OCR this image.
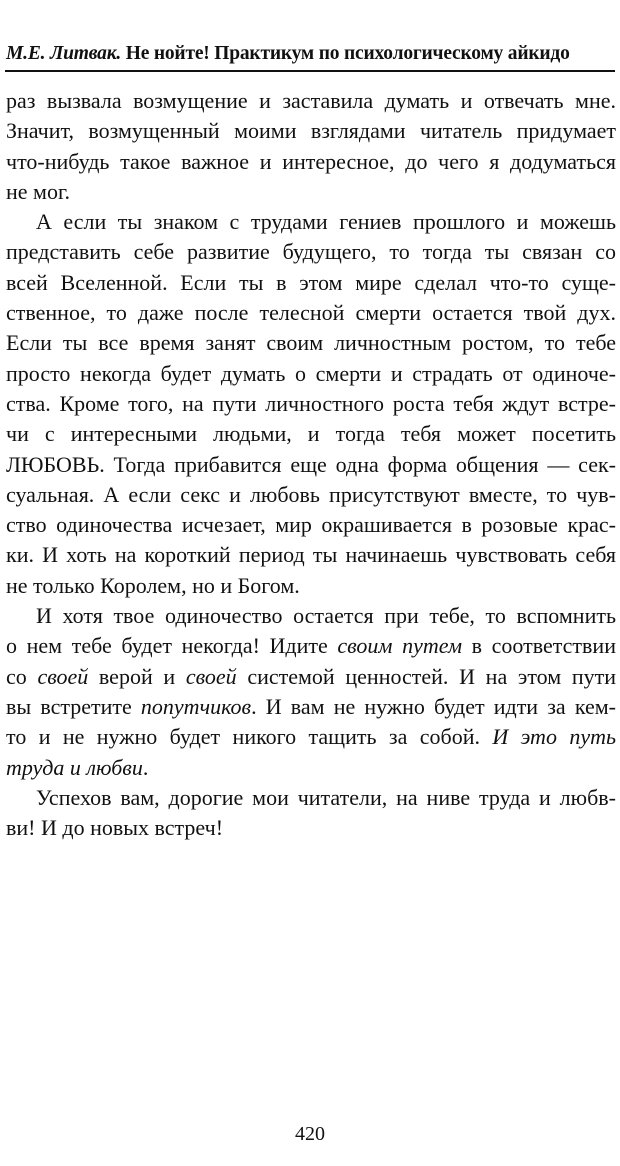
М.Е. Литвак. Не нойте! Практикум по психологическому айкидо
раз вызвала возмущение и заставила думать и отвечать мне.
Значит, возмущенный моими взглядами читатель придумает
что-нибудь такое важное и интересное, до чего я додуматься
не мог.
А если ты знаком с трудами гениев прошлого и можешь
представить себе развитие будущего, то тогда ты связан со
всей Вселенной. Если ты в этом мире сделал что-то суще-
ственное, то даже после телесной смерти остается твой дух.
Если ты все время занят своим личностным ростом, то тебе
просто некогда будет думать о смерти и страдать от одиноче-
ства. Кроме того, на пути личностного роста тебя ждут встре-
чи с интересными людьми, и тогда тебя может посетить
ЛЮБОВЬ. Тогда прибавится еще одна форма общения — сек-
суальная. А если секс и любовь присутствуют вместе, то чув-
ство одиночества исчезает, мир окрашивается в розовые крас-
ки. И хоть на короткий период ты начинаешь чувствовать себя
не только Королем, но и Богом.
И хотя твое одиночество остается при тебе, то вспомнить
о нем тебе будет некогда! Идите своим путем в соответствии
со своей верой и своей системой ценностей. И на этом пути
вы встретите попутчиков. И вам не нужно будет идти за кем-
то и не нужно будет никого тащить за собой. И это путь
труда и любви.
Успехов вам, дорогие мои читатели, на ниве труда и любв-
ви! И до новых встреч!
420
